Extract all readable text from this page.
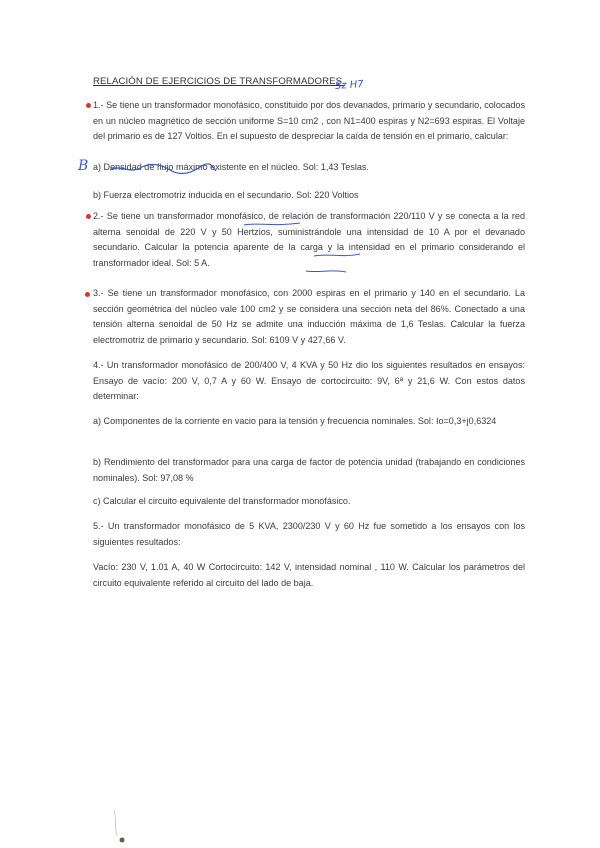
RELACIÓN DE EJERCICIOS DE TRANSFORMADORES.
5z H7
B
1.- Se tiene un transformador monofásico, constituido por dos devanados, primario y secundario, colocados en un núcleo magnético de sección uniforme S=10 cm2 , con N1=400 espiras y N2=693 espiras. El Voltaje del primario es de 127 Voltios. En el supuesto de despreciar la caída de tensión en el primario, calcular:
a) Densidad de flujo máximo existente en el núcleo. Sol: 1,43 Teslas.
b) Fuerza electromotriz inducida en el secundario. Sol: 220 Voltios
2.- Se tiene un transformador monofásico, de relación de transformación 220/110 V y se conecta a la red alterna senoidal de 220 V y 50 Hertzios, suministrándole una intensidad de 10 A por el devanado secundario. Calcular la potencia aparente de la carga y la intensidad en el primario considerando el transformador ideal. Sol: 5 A.
3.- Se tiene un transformador monofásico, con 2000 espiras en el primario y 140 en el secundario. La sección geométrica del núcleo vale 100 cm2 y se considera una sección neta del 86%. Conectado a una tensión alterna senoidal de 50 Hz se admite una inducción máxima de 1,6 Teslas. Calcular la fuerza electromotriz de primario y secundario. Sol: 6109 V y 427,66 V.
4.- Un transformador monofásico de 200/400 V, 4 KVA y 50 Hz dio los siguientes resultados en ensayos: Ensayo de vacío: 200 V, 0,7 A y 60 W. Ensayo de cortocircuito: 9V, 6ª y 21,6 W. Con estos datos determinar:
a) Componentes de la corriente en vacio para la tensión y frecuencia nominales. Sol: Io=0,3+j0,6324
b) Rendimiento del transformador para una carga de factor de potencia unidad (trabajando en condiciones nominales). Sol: 97,08 %
c) Calcular el circuito equivalente del transformador monofásico.
5.- Un transformador monofásico de 5 KVA, 2300/230 V y 60 Hz fue sometido a los ensayos con los siguientes resultados:
Vacío: 230 V, 1.01 A, 40 W Cortocircuito: 142 V, intensidad nominal , 110 W. Calcular los parámetros del circuito equivalente referido al circuito del lado de baja.
